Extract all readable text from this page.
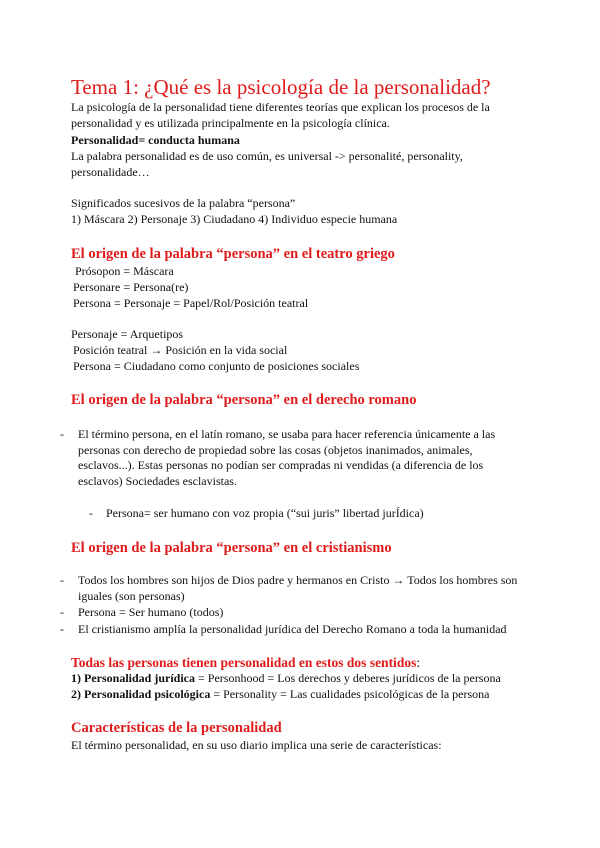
Tema 1: ¿Qué es la psicología de la personalidad?
La psicología de la personalidad tiene diferentes teorías que explican los procesos de la
personalidad y es utilizada principalmente en la psicología clínica.
Personalidad= conducta humana
La palabra personalidad es de uso común, es universal -> personalité, personality,
personalidade…
Significados sucesivos de la palabra “persona”
1) Máscara 2) Personaje 3) Ciudadano 4) Individuo especie humana
El origen de la palabra “persona” en el teatro griego
Prósopon = Máscara
Personare = Persona(re)
Persona = Personaje = Papel/Rol/Posición teatral
Personaje = Arquetipos
Posición teatral → Posición en la vida social
Persona = Ciudadano como conjunto de posiciones sociales
El origen de la palabra “persona” en el derecho romano
- El término persona, en el latín romano, se usaba para hacer referencia únicamente a las
personas con derecho de propiedad sobre las cosas (objetos inanimados, animales,
esclavos...). Estas personas no podían ser compradas ni vendidas (a diferencia de los
esclavos) Sociedades esclavistas.
- Persona= ser humano con voz propia (“sui juris” libertad jurÍdica)
El origen de la palabra “persona” en el cristianismo
- Todos los hombres son hijos de Dios padre y hermanos en Cristo → Todos los hombres son
iguales (son personas)
- Persona = Ser humano (todos)
- El cristianismo amplía la personalidad jurídica del Derecho Romano a toda la humanidad
Todas las personas tienen personalidad en estos dos sentidos:
1) Personalidad jurídica = Personhood = Los derechos y deberes jurídicos de la persona
2) Personalidad psicológica = Personality = Las cualidades psicológicas de la persona
Características de la personalidad
El término personalidad, en su uso diario implica una serie de características:
